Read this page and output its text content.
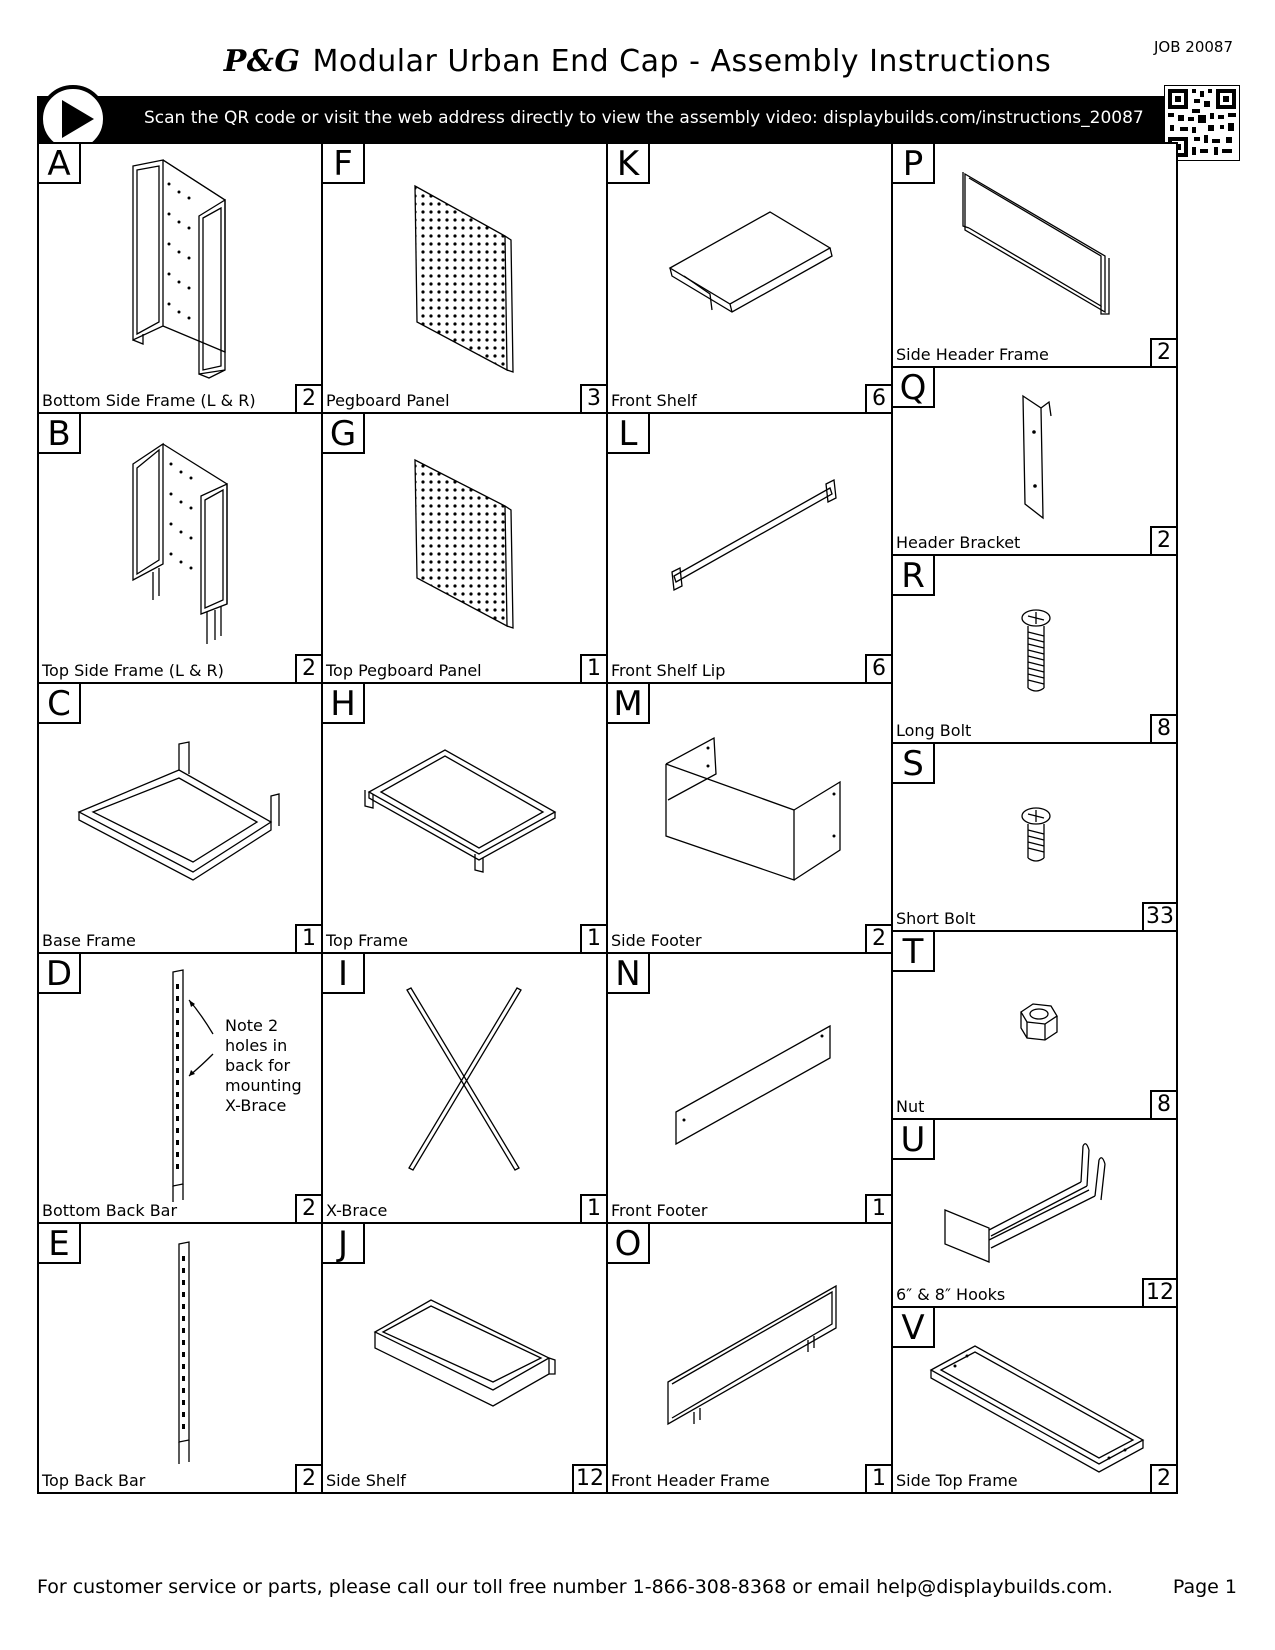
P&G Modular Urban End Cap - Assembly Instructions	JOB 20087
Scan the QR code or visit the web address directly to view the assembly video: displaybuilds.com/instructions_20087
A
Bottom Side Frame (L & R)	2
B
Top Side Frame (L & R)	2
C
Base Frame	1
Note 2
holes in
back for
mounting
X-Brace
D
Bottom Back Bar	2
E
Top Back Bar	2
F
Pegboard Panel	3
G
Top Pegboard Panel	1
H
Top Frame	1
I
X-Brace	1
J
Side Shelf	12
K
Front Shelf	6
L
Front Shelf Lip	6
M
Side Footer	2
N
Front Footer	1
O
Front Header Frame	1
P
Side Header Frame	2
Q
Header Bracket	2
R
Long Bolt	8
S
Short Bolt	33
T
Nut	8
U
6″ & 8″ Hooks	12
V
Side Top Frame	2
For customer service or parts, please call our toll free number 1-866-308-8368 or email help@displaybuilds.com.	Page 1
